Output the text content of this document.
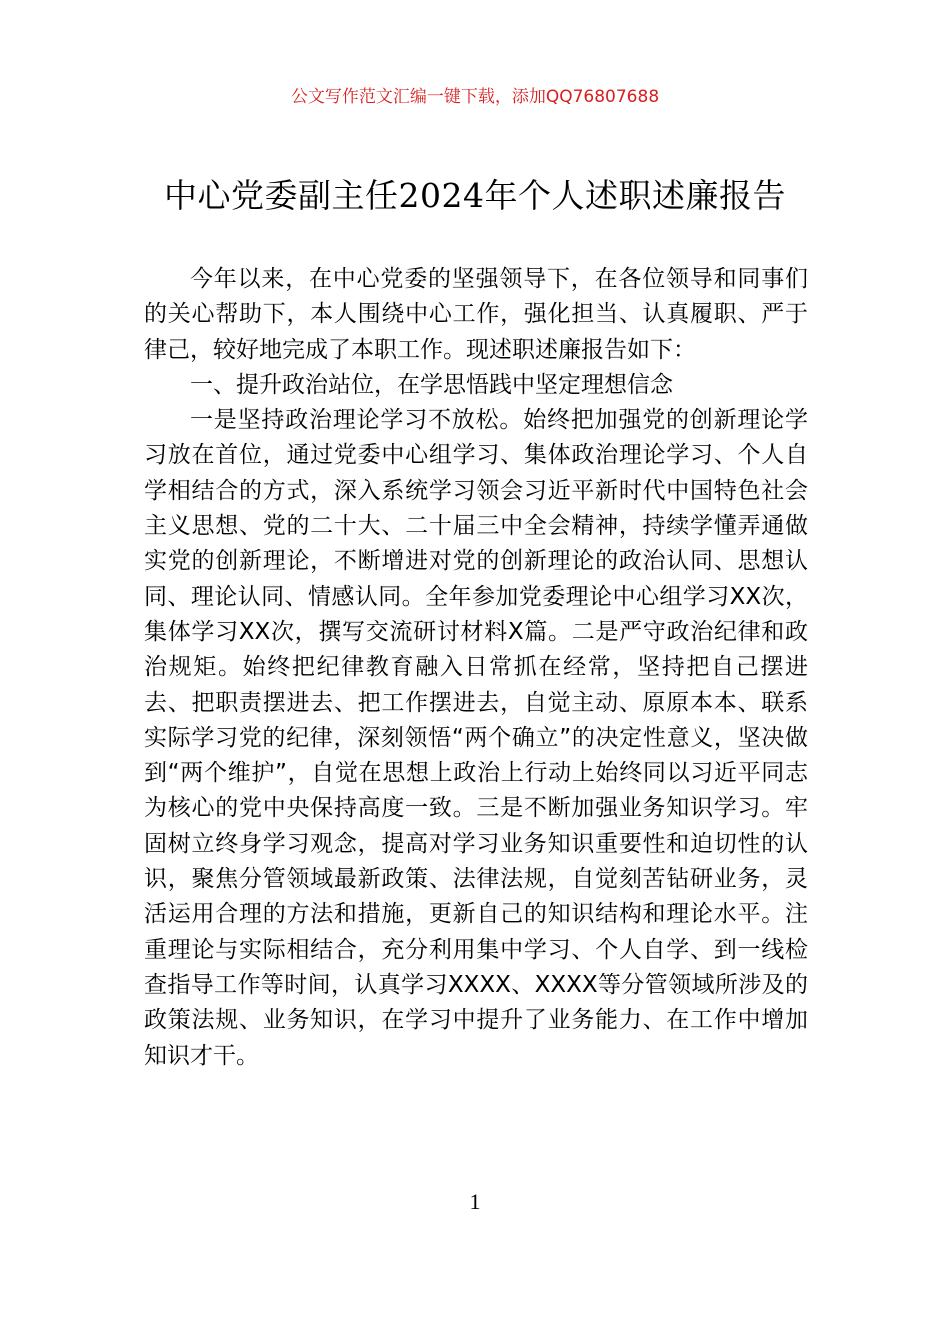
公文写作范文汇编一键下载，添加QQ76807688
中心党委副主任2024年个人述职述廉报告

今年以来，在中心党委的坚强领导下，在各位领导和同事们的关心帮助下，本人围绕中心工作，强化担当、认真履职、严于律己，较好地完成了本职工作。现述职述廉报告如下：

一、提升政治站位，在学思悟践中坚定理想信念

一是坚持政治理论学习不放松。始终把加强党的创新理论学习放在首位，通过党委中心组学习、集体政治理论学习、个人自学相结合的方式，深入系统学习领会习近平新时代中国特色社会主义思想、党的二十大、二十届三中全会精神，持续学懂弄通做实党的创新理论，不断增进对党的创新理论的政治认同、思想认同、理论认同、情感认同。全年参加党委理论中心组学习XX次，集体学习XX次，撰写交流研讨材料X篇。二是严守政治纪律和政治规矩。始终把纪律教育融入日常抓在经常，坚持把自己摆进去、把职责摆进去、把工作摆进去，自觉主动、原原本本、联系实际学习党的纪律，深刻领悟“两个确立”的决定性意义，坚决做到“两个维护”，自觉在思想上政治上行动上始终同以习近平同志为核心的党中央保持高度一致。三是不断加强业务知识学习。牢固树立终身学习观念，提高对学习业务知识重要性和迫切性的认识，聚焦分管领域最新政策、法律法规，自觉刻苦钻研业务，灵活运用合理的方法和措施，更新自己的知识结构和理论水平。注重理论与实际相结合，充分利用集中学习、个人自学、到一线检查指导工作等时间，认真学习XXXX、XXXX等分管领域所涉及的政策法规、业务知识，在学习中提升了业务能力、在工作中增加知识才干。

1
